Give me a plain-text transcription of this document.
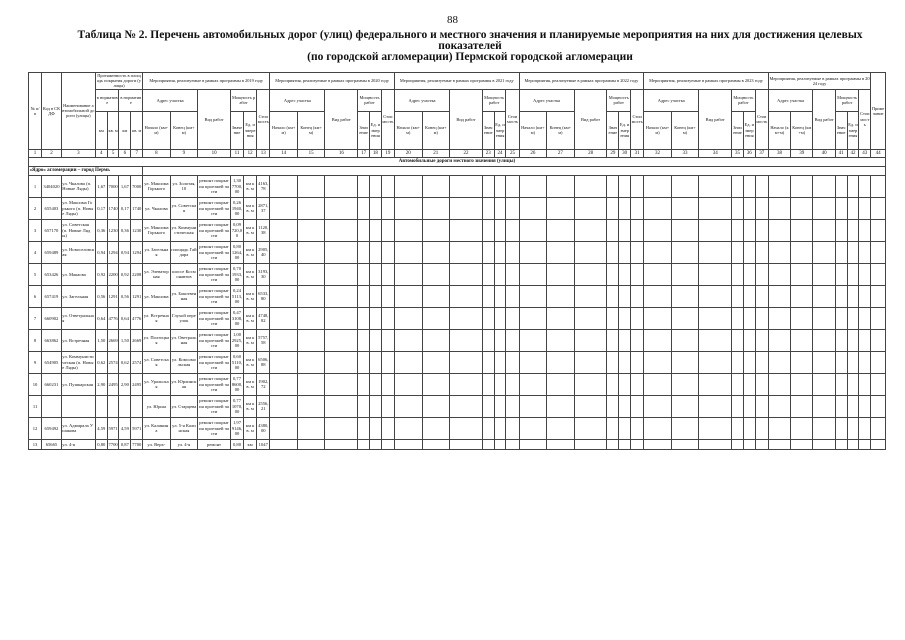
88
Таблица № 2. Перечень автомобильных дорог (улиц) федерального и местного значения и планируемые мероприятия на них для достижения целевых показателей
(по городской агломерации) Пермской городской агломерации
№ п/п	Код в СКДФ	Наименование автомобильной дороги (улицы)	Протяженность в площадь покрытия дороги (улицы)				Мероприятия, реализуемые в рамках программы в 2019 году						Мероприятия, реализуемые в рамках программы в 2020 году						Мероприятия, реализуемые в рамках программы в 2021 году						Мероприятия, реализуемые в рамках программы в 2022 году						Мероприятия, реализуемые в рамках программы в 2023 году						Мероприятия, реализуемые в рамках программы в 2024 году						Примечание
			в нормативе		в нормативе		Адрес участка		Вид работ	Мощность работ		Стоимость	Адрес участка		Вид работ	Мощность работ		Стоимость	Адрес участка		Вид работ	Мощность работ		Стоимость	Адрес участка		Вид работ	Мощность работ		Стоимость	Адрес участка		Вид работ	Мощность работ		Стоимость	Адрес участка		Вид работ	Мощность работ		Стоимость	
			км	кв. м	км	кв. м	Начало (км+м)	Конец (км+м)		Значение	Ед. измерения		Начало (км+м)	Конец (км+м)		Значение	Ед. измерения		Начало (км+м)	Конец (км+м)		Значение	Ед. измерения		Начало (км+м)	Конец (км+м)		Значение	Ед. измерения		Начало (км+м)	Конец (км+м)		Значение	Ед. измерения		Начало (км+м)	Конец (км+м)		Значение	Ед. измерения		

1	2	3	4	5	6	7	8	9	10	11	12	13	14	15	16	17	18	19	20	21	22	23	24	25	26	27	28	29	30	31	32	33	34	35	36	37	38	39	40	41	42	43	44
Автомобильные дороги местного значения (улицы)																																											
«Ядро» агломерации – город Пермь																																											
1	3404020	ул. Чкалова (п. Новые Ляды)	1,67	7000	1,67	7000	ул. Максима Горького	ул. Золотая, 10	ремонт покрытия проезжей части	1,30 7700,00	км кв. м	4163,78																															
2	655403	ул. Максима Горького (п. Новые Ляды)	0,17	1740	0,17	1740	ул. Чкалова	ул. Советская	ремонт покрытия проезжей части	0,26 1940,00	км кв. м	2871,37																															
3	657170	ул. Советская (п. Новые Ляды)	0,36	1230	0,36	1230	ул. Максима Горького	ул. Коммунистическая	ремонт покрытия проезжей части	0,09 720,00	км кв. м	1120,38																															
4	659489	ул. Новоселовская	0,94	1294	0,94	1294	ул. Загельная	площадь Гайдара	ремонт покрытия проезжей части	0,80 1264,00	км кв. м	2905,40																															
5	653426	ул. Макаова	0,92	2200	0,92	2208	ул. Элеваторная	шоссе Космонавтов	ремонт покрытия проезжей части	0,70 1933,00	км кв. м	3193,30																															
6	657419	ул. Загельная	0,56	1291	0,56	1291	ул. Максима	ул. Бокотвенная	ремонт покрытия проезжей части	0,24 5113,00	км кв. м	6533,80																															
7	660902	ул. Ответральная	0,64	4776	0,64	4776	ул. Встречная	Глухой переулок	ремонт покрытия проезжей части	0,47 3108,00	км кв. м	4748,82																															
8	663862	ул. Встречная	1,50	2669	1,50	2669	ул. Полтоцкая	ул. Оветральная	ремонт покрытия проезжей части	1,00 2925,00	км кв. м	5757,58																															
9	654905	ул. Коммунистическая (п. Новые Ляды)	0,62	2574	0,62	2574	ул. Советская	ул. Комсомольская	ремонт покрытия проезжей части	0,60 5110,00	км кв. м	6506,88																															
10	660231	ул. Пушкарская	2,90	2495	2,90	2495	ул. Уральская	ул. Юрлинская	ремонт покрытия проезжей части	0,77 8600,00	км кв. м	1902,72																															
11							ул. Юрша	ул. Старцева	ремонт покрытия проезжей части	0,77 1070,00	км кв. м	2556,21																															
12	659492	ул. Адмирала Ушакова	4,59	5971	4,59	5971	ул. Калинина	ул. 5-я Калинская	ремонт покрытия проезжей части	1,97 9146,00	км кв. м	4380,00																															
13	65665	ул. 4-я	0,80	7700	0,87	7700	ул. Верх-	ул. 4-я	ремонт	0,80	км	1047																															
